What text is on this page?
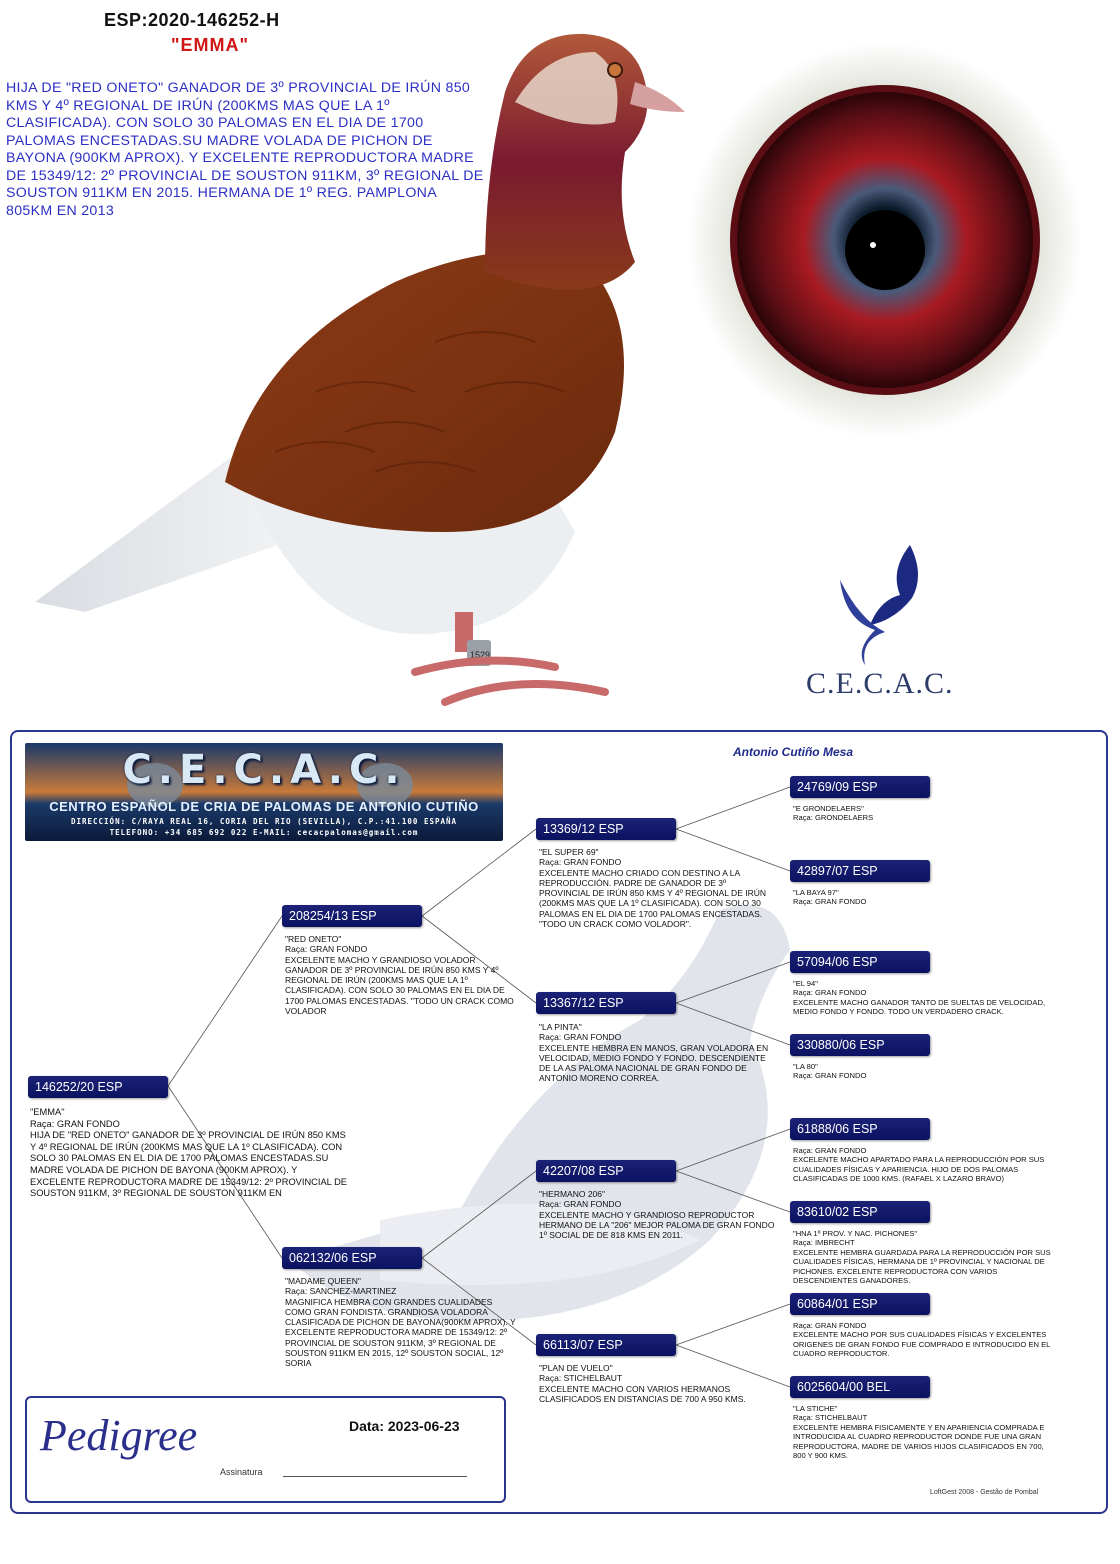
ESP:2020-146252-H
"EMMA"
HIJA DE "RED ONETO" GANADOR DE 3º PROVINCIAL DE IRÚN 850 KMS Y 4º REGIONAL DE IRÚN (200KMS MAS QUE LA 1º CLASIFICADA). CON SOLO 30 PALOMAS EN EL DIA DE 1700 PALOMAS ENCESTADAS.SU MADRE VOLADA DE PICHON DE BAYONA (900KM APROX). Y EXCELENTE REPRODUCTORA MADRE DE 15349/12: 2º PROVINCIAL DE SOUSTON 911KM, 3º REGIONAL DE SOUSTON 911KM EN 2015. HERMANA DE 1º REG. PAMPLONA 805KM EN 2013
1529
C.E.C.A.C.
Antonio Cutiño Mesa
C.E.C.A.C.
CENTRO ESPAÑOL DE CRIA DE PALOMAS DE ANTONIO CUTIÑO
DIRECCIÓN: C/RAYA REAL 16, CORIA DEL RIO (SEVILLA), C.P.:41.100 ESPAÑA
TELEFONO: +34 685 692 022 E-MAIL: cecacpalomas@gmail.com
146252/20 ESP
"EMMA"
Raça: GRAN FONDO
HIJA DE "RED ONETO" GANADOR DE 3º PROVINCIAL DE IRÚN 850 KMS Y 4º REGIONAL DE IRÚN (200KMS MAS QUE LA 1º CLASIFICADA). CON SOLO 30 PALOMAS EN EL DIA DE 1700 PALOMAS ENCESTADAS.SU MADRE VOLADA DE PICHON DE BAYONA (900KM APROX). Y EXCELENTE REPRODUCTORA MADRE DE 15349/12: 2º PROVINCIAL DE SOUSTON 911KM, 3º REGIONAL DE SOUSTON 911KM EN
208254/13 ESP
"RED ONETO"
Raça: GRAN FONDO
EXCELENTE MACHO Y GRANDIOSO VOLADOR GANADOR DE 3º PROVINCIAL DE IRÚN 850 KMS Y 4º REGIONAL DE IRÚN (200KMS MAS QUE LA 1º CLASIFICADA). CON SOLO 30 PALOMAS EN EL DIA DE 1700 PALOMAS ENCESTADAS. "TODO UN CRACK COMO VOLADOR
062132/06 ESP
"MADAME QUEEN"
Raça: SANCHEZ-MARTINEZ
MAGNIFICA HEMBRA CON GRANDES CUALIDADES COMO GRAN FONDISTA. GRANDIOSA VOLADORA CLASIFICADA DE PICHON DE BAYONA(900KM APROX). Y EXCELENTE REPRODUCTORA MADRE DE 15349/12: 2º PROVINCIAL DE SOUSTON 911KM, 3º REGIONAL DE SOUSTON 911KM EN 2015, 12º SOUSTON SOCIAL, 12º SORIA
13369/12 ESP
"EL SUPER 69"
Raça: GRAN FONDO
EXCELENTE MACHO CRIADO CON DESTINO A LA REPRODUCCIÓN. PADRE DE GANADOR DE 3º PROVINCIAL DE IRÚN 850 KMS Y 4º REGIONAL DE IRÚN (200KMS MAS QUE LA 1º CLASIFICADA). CON SOLO 30 PALOMAS EN EL DIA DE 1700 PALOMAS ENCESTADAS. "TODO UN CRACK COMO VOLADOR".
13367/12 ESP
"LA PINTA"
Raça: GRAN FONDO
EXCELENTE HEMBRA EN MANOS, GRAN VOLADORA EN VELOCIDAD, MEDIO FONDO Y FONDO. DESCENDIENTE DE LA AS PALOMA NACIONAL DE GRAN FONDO DE ANTONIO MORENO CORREA.
42207/08 ESP
"HERMANO 206"
Raça: GRAN FONDO
EXCELENTE MACHO Y GRANDIOSO REPRODUCTOR HERMANO DE LA "206" MEJOR PALOMA DE GRAN FONDO 1º SOCIAL DE DE 818 KMS EN 2011.
66113/07 ESP
"PLAN DE VUELO"
Raça: STICHELBAUT
EXCELENTE MACHO CON VARIOS HERMANOS CLASIFICADOS EN DISTANCIAS DE 700 A 950 KMS.
24769/09 ESP
"E GRONDELAERS"
Raça: GRONDELAERS
42897/07 ESP
"LA BAYA 97"
Raça: GRAN FONDO
57094/06 ESP
"EL 94"
Raça: GRAN FONDO
EXCELENTE MACHO GANADOR TANTO DE SUELTAS DE VELOCIDAD, MEDIO FONDO Y FONDO. TODO UN VERDADERO CRACK.
330880/06 ESP
"LA 80"
Raça: GRAN FONDO
61888/06 ESP
Raça: GRAN FONDO
EXCELENTE MACHO APARTADO PARA LA REPRODUCCIÓN POR SUS CUALIDADES FÍSICAS Y APARIENCIA. HIJO DE DOS PALOMAS CLASIFICADAS DE 1000 KMS. (RAFAEL X LAZARO BRAVO)
83610/02 ESP
"HNA 1º PROV. Y NAC. PICHONES"
Raça: IMBRECHT
EXCELENTE HEMBRA GUARDADA PARA LA REPRODUCCIÓN POR SUS CUALIDADES FÍSICAS, HERMANA DE 1º PROVINCIAL Y NACIONAL DE PICHONES. EXCELENTE REPRODUCTORA CON VARIOS DESCENDIENTES GANADORES.
60864/01 ESP
Raça: GRAN FONDO
EXCELENTE MACHO POR SUS CUALIDADES FÍSICAS Y EXCELENTES ORIGENES DE GRAN FONDO FUE COMPRADO E INTRODUCIDO EN EL CUADRO REPRODUCTOR.
6025604/00 BEL
"LA STICHE"
Raça: STICHELBAUT
EXCELENTE HEMBRA FISICAMENTE Y EN APARIENCIA COMPRADA E INTRODUCIDA AL CUADRO REPRODUCTOR DONDE FUE UNA GRAN REPRODUCTORA, MADRE DE VARIOS HIJOS CLASIFICADOS EN 700, 800 Y 900 KMS.
Pedigree	Data: 2023-06-23
Assinatura
LoftGest 2008 - Gestão de Pombal
